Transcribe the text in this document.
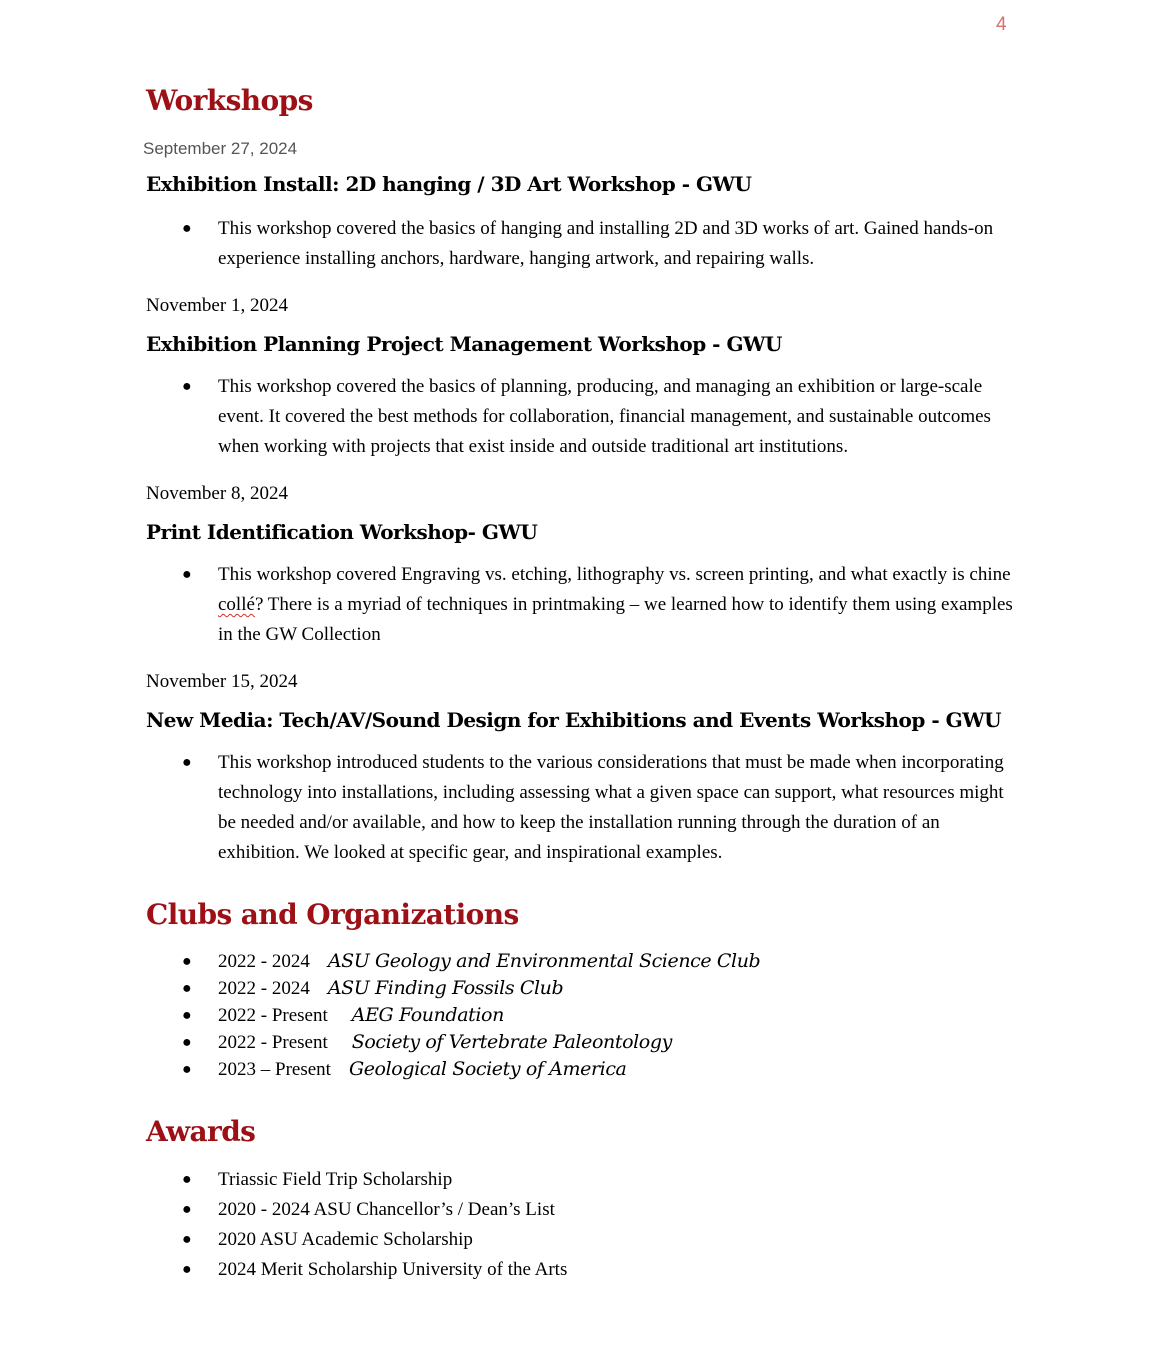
4
Workshops

September 27, 2024

Exhibition Install: 2D hanging / 3D Art Workshop - GWU

● This workshop covered the basics of hanging and installing 2D and 3D works of art. Gained hands-on experience installing anchors, hardware, hanging artwork, and repairing walls.

November 1, 2024

Exhibition Planning Project Management Workshop - GWU

● This workshop covered the basics of planning, producing, and managing an exhibition or large-scale event. It covered the best methods for collaboration, financial management, and sustainable outcomes when working with projects that exist inside and outside traditional art institutions.

November 8, 2024

Print Identification Workshop- GWU

● This workshop covered Engraving vs. etching, lithography vs. screen printing, and what exactly is chine collé? There is a myriad of techniques in printmaking – we learned how to identify them using examples in the GW Collection

November 15, 2024

New Media: Tech/AV/Sound Design for Exhibitions and Events Workshop - GWU

● This workshop introduced students to the various considerations that must be made when incorporating technology into installations, including assessing what a given space can support, what resources might be needed and/or available, and how to keep the installation running through the duration of an exhibition. We looked at specific gear, and inspirational examples.
Clubs and Organizations
● 2022 - 2024 ASU Geology and Environmental Science Club
● 2022 - 2024 ASU Finding Fossils Club
● 2022 - Present AEG Foundation
● 2022 - Present Society of Vertebrate Paleontology
● 2023 – Present Geological Society of America
Awards
● Triassic Field Trip Scholarship
● 2020 - 2024 ASU Chancellor’s / Dean’s List
● 2020 ASU Academic Scholarship
● 2024 Merit Scholarship University of the Arts
